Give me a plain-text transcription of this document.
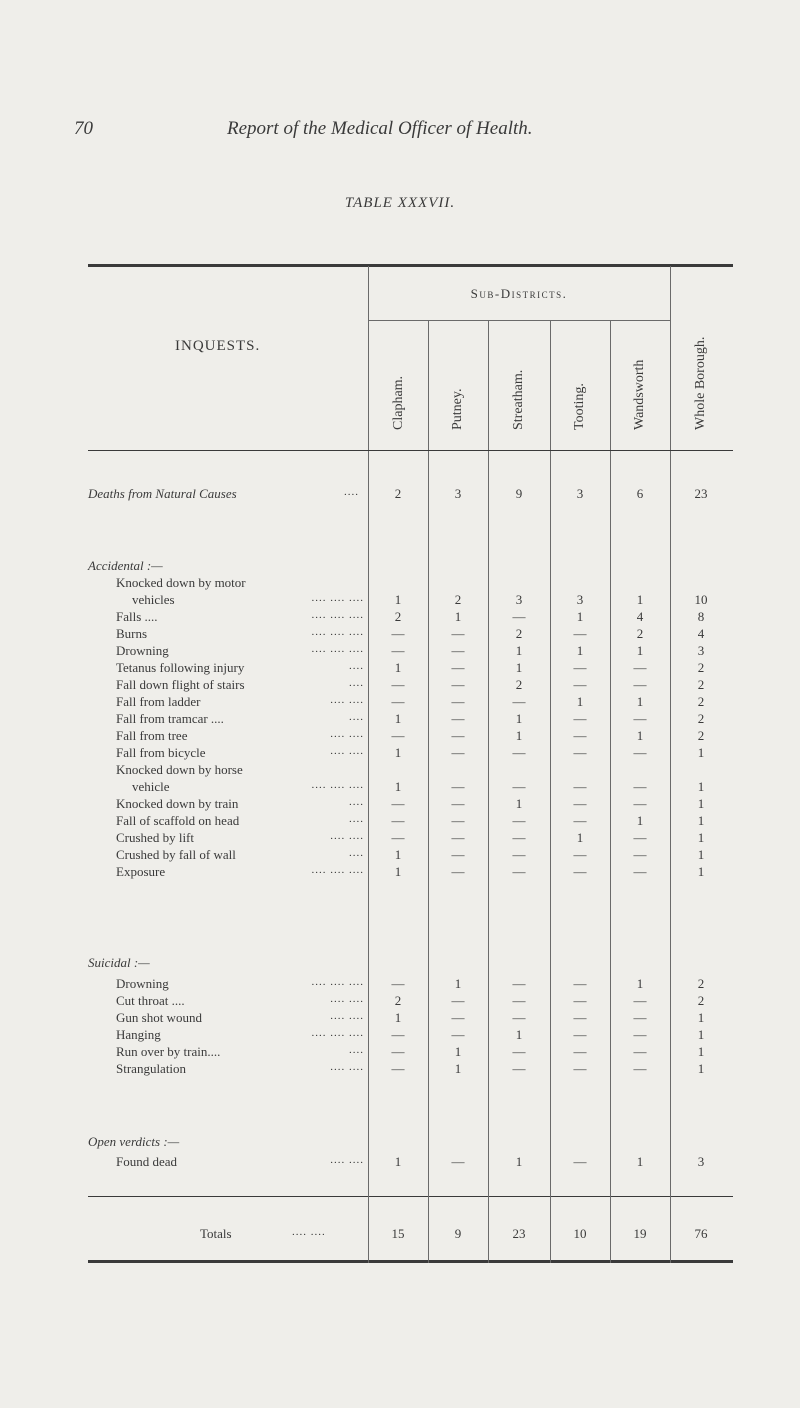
70	Report of the Medical Officer of Health.
TABLE XXXVII.
INQUESTS.
Sub-Districts.
Clapham.	Putney.	Streatham.	Tooting.	Wandsworth	Whole Borough.
Deaths from Natural Causes	....	2	3	9	3	6	23
Accidental :—
Knocked down by motor
vehicles	.... .... ....	1	2	3	3	1	10
Falls ....	.... .... ....	2	1	—	1	4	8
Burns	.... .... ....	—	—	2	—	2	4
Drowning	.... .... ....	—	—	1	1	1	3
Tetanus following injury	....	1	—	1	—	—	2
Fall down flight of stairs	....	—	—	2	—	—	2
Fall from ladder	.... ....	—	—	—	1	1	2
Fall from tramcar ....	....	1	—	1	—	—	2
Fall from tree	.... ....	—	—	1	—	1	2
Fall from bicycle	.... ....	1	—	—	—	—	1
Knocked down by horse
vehicle	.... .... ....	1	—	—	—	—	1
Knocked down by train	....	—	—	1	—	—	1
Fall of scaffold on head	....	—	—	—	—	1	1
Crushed by lift	.... ....	—	—	—	1	—	1
Crushed by fall of wall	....	1	—	—	—	—	1
Exposure	.... .... ....	1	—	—	—	—	1
Suicidal :—
Drowning	.... .... ....	—	1	—	—	1	2
Cut throat ....	.... ....	2	—	—	—	—	2
Gun shot wound	.... ....	1	—	—	—	—	1
Hanging	.... .... ....	—	—	1	—	—	1
Run over by train....	....	—	1	—	—	—	1
Strangulation	.... ....	—	1	—	—	—	1
Open verdicts :—
Found dead	.... ....	1	—	1	—	1	3
Totals	.... ....	15	9	23	10	19	76
